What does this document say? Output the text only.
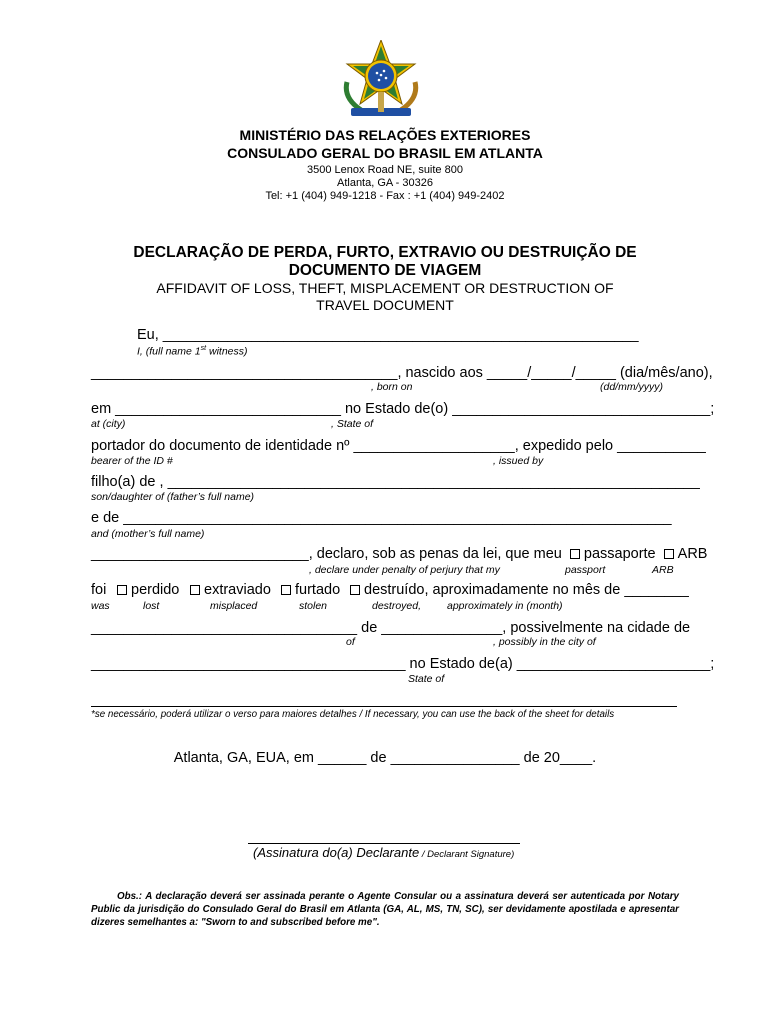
MINISTÉRIO DAS RELAÇÕES EXTERIORES
CONSULADO GERAL DO BRASIL EM ATLANTA
3500 Lenox Road NE, suite 800
Atlanta, GA - 30326
Tel: +1 (404) 949-1218 - Fax : +1 (404) 949-2402
DECLARAÇÃO DE PERDA, FURTO, EXTRAVIO OU DESTRUIÇÃO DE
DOCUMENTO DE VIAGEM
AFFIDAVIT OF LOSS, THEFT, MISPLACEMENT OR DESTRUCTION OF
TRAVEL DOCUMENT
Eu, ___________________________________________________________
I, (full name 1st witness)
______________________________________, nascido aos _____/_____/_____ (dia/mês/ano),
, born on	(dd/mm/yyyy)
em ____________________________ no Estado de(o) ________________________________;
at (city)	, State of
portador do documento de identidade nº ____________________, expedido pelo ___________
bearer of the ID #	, issued by
filho(a) de , __________________________________________________________________
son/daughter of (father’s full name)
e de ____________________________________________________________________
and (mother’s full name)
___________________________, declaro, sob as penas da lei, que meu passaporte ARB
, declare under penalty of perjury that my	passport	ARB
foi	perdido	extraviado	furtado	destruído, aproximadamente no mês de ________
was	lost	misplaced	stolen	destroyed, approximately in (month)
_________________________________ de _______________, possivelmente na cidade de
of	, possibly in the city of
_______________________________________ no Estado de(a) ________________________;
State of
*se necessário, poderá utilizar o verso para maiores detalhes / If necessary, you can use the back of the sheet for details
Atlanta, GA, EUA, em ______ de ________________ de 20____.
(Assinatura do(a) Declarante / Declarant Signature)
Obs.: A declaração deverá ser assinada perante o Agente Consular ou a assinatura deverá ser autenticada por Notary Public da jurisdição do Consulado Geral do Brasil em Atlanta (GA, AL, MS, TN, SC), ser devidamente apostilada e apresentar dizeres semelhantes a: "Sworn to and subscribed before me".
